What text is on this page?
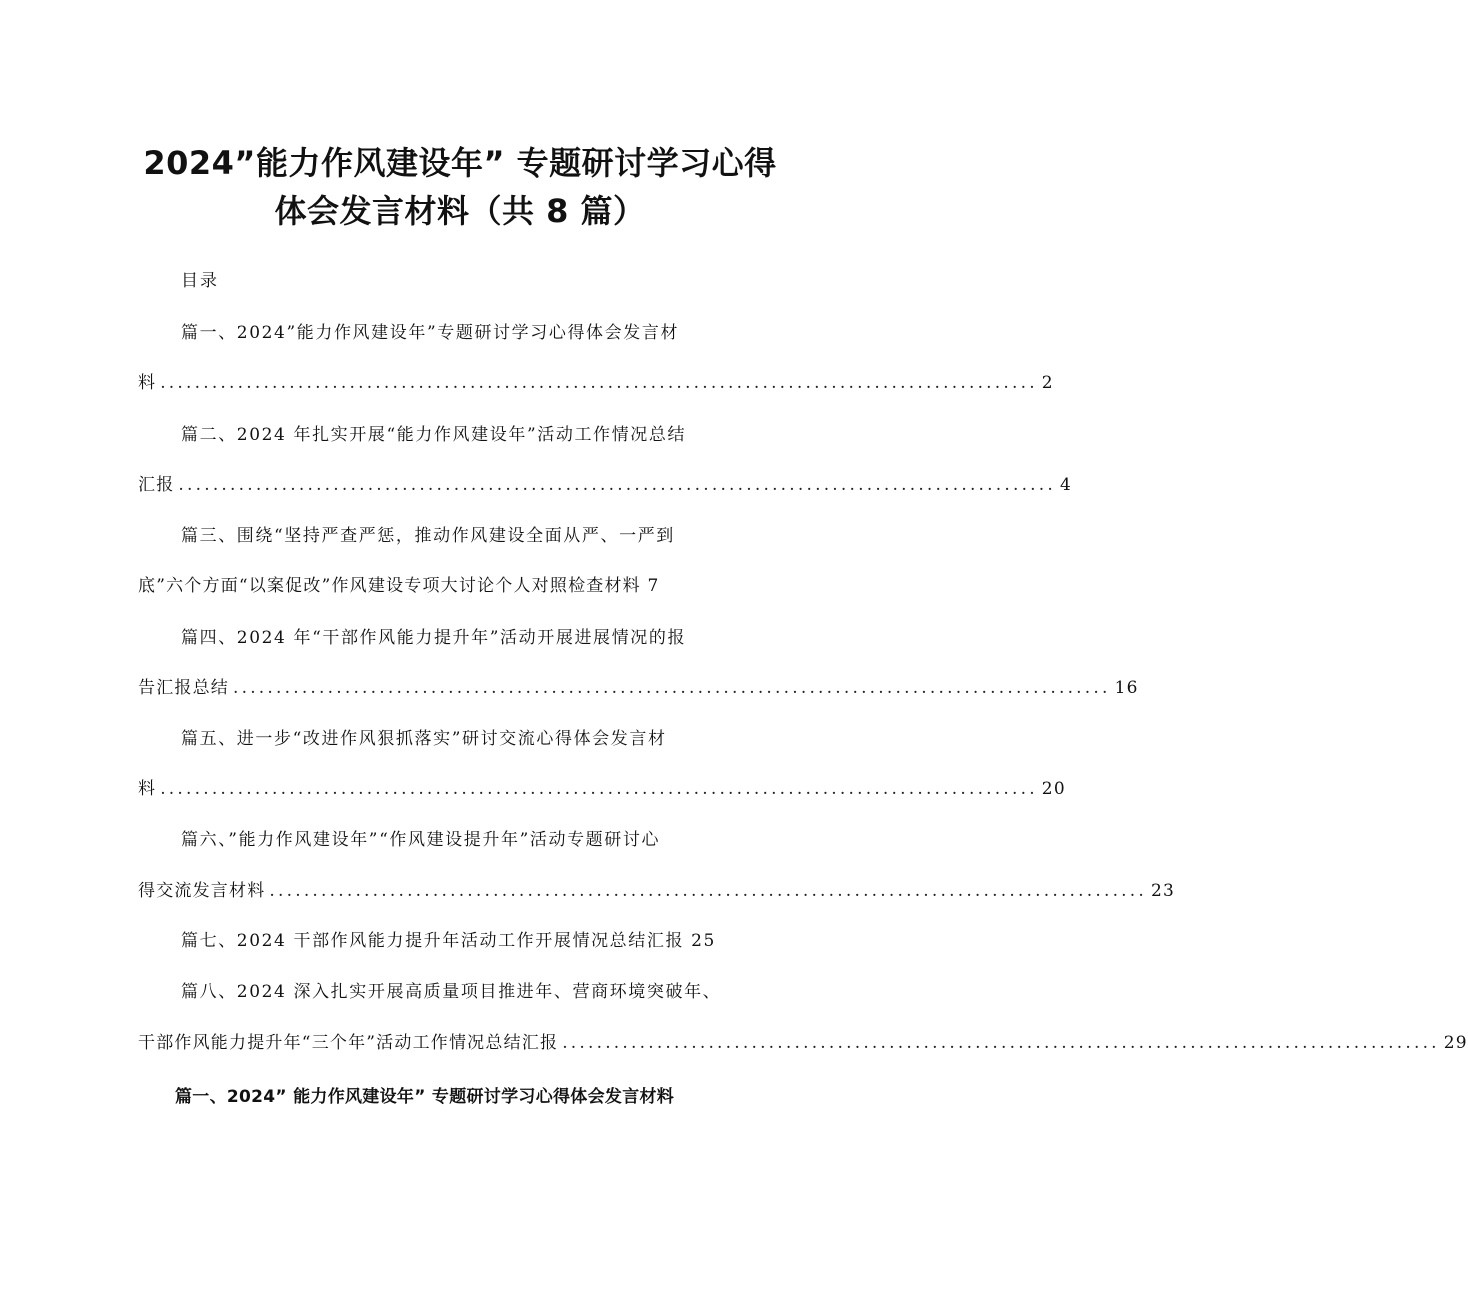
2024”能力作风建设年” 专题研讨学习心得
体会发言材料（共 8 篇）
目录
篇一、2024”能力作风建设年”专题研讨学习心得体会发言材
料 ...................................................................................................... 2
篇二、2024 年扎实开展“能力作风建设年”活动工作情况总结
汇报 ...................................................................................................... 4
篇三、围绕“坚持严查严惩，推动作风建设全面从严、一严到
底”六个方面“以案促改”作风建设专项大讨论个人对照检查材料 7
篇四、2024 年“干部作风能力提升年”活动开展进展情况的报
告汇报总结 ...................................................................................................... 16
篇五、进一步“改进作风狠抓落实”研讨交流心得体会发言材
料 ...................................................................................................... 20
篇六、”能力作风建设年”“作风建设提升年”活动专题研讨心
得交流发言材料 ...................................................................................................... 23
篇七、2024 干部作风能力提升年活动工作开展情况总结汇报 25
篇八、2024 深入扎实开展高质量项目推进年、营商环境突破年、
干部作风能力提升年“三个年”活动工作情况总结汇报 ...................................................................................................... 29
篇一、2024” 能力作风建设年” 专题研讨学习心得体会发言材料
